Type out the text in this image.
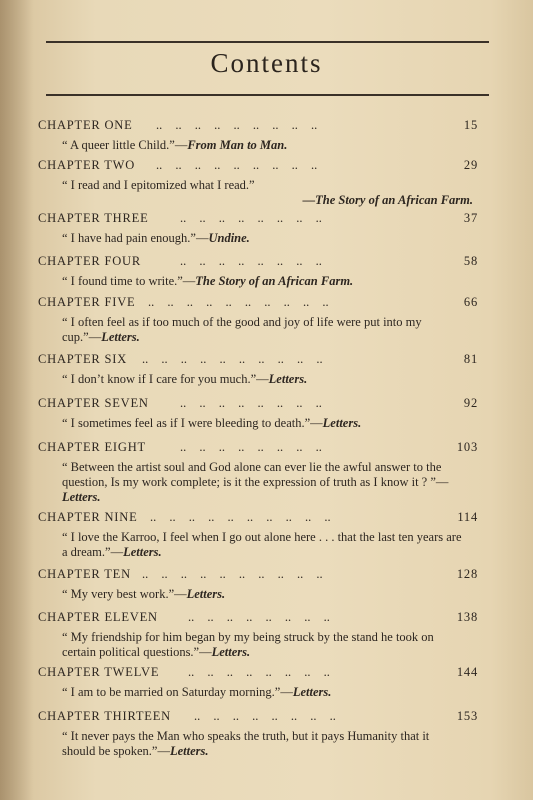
Contents
CHAPTER ONE .. .. .. .. .. .. .. .. ..	15
“ A queer little Child.”—From Man to Man.
CHAPTER TWO .. .. .. .. .. .. .. .. ..	29
“ I read and I epitomized what I read.”
—The Story of an African Farm.
CHAPTER THREE	.. .. .. .. .. .. .. ..	37
“ I have had pain enough.”—Undine.
CHAPTER FOUR	.. .. .. .. .. .. .. ..	58
“ I found time to write.”—The Story of an African Farm.
CHAPTER FIVE .. .. .. .. .. .. .. .. .. ..	66
“ I often feel as if too much of the good and joy of life were put into my cup.”—Letters.
CHAPTER SIX .. .. .. .. .. .. .. .. .. ..	81
“ I don’t know if I care for you much.”—Letters.
CHAPTER SEVEN .. .. .. .. .. .. .. ..	92
“ I sometimes feel as if I were bleeding to death.”—Letters.
CHAPTER EIGHT	.. .. .. .. .. .. .. ..	103
“ Between the artist soul and God alone can ever lie the awful answer to the question, Is my work complete; is it the expression of truth as I know it ? ”—Letters.
CHAPTER NINE .. .. .. .. .. .. .. .. .. ..	114
“ I love the Karroo, I feel when I go out alone here . . . that the last ten years are a dream.”—Letters.
CHAPTER TEN .. .. .. .. .. .. .. .. .. ..	128
“ My very best work.”—Letters.
CHAPTER ELEVEN .. .. .. .. .. .. .. ..	138
“ My friendship for him began by my being struck by the stand he took on certain political questions.”—Letters.
CHAPTER TWELVE .. .. .. .. .. .. .. ..	144
“ I am to be married on Saturday morning.”—Letters.
CHAPTER THIRTEEN .. .. .. .. .. .. .. ..	153
“ It never pays the Man who speaks the truth, but it pays Humanity that it should be spoken.”—Letters.
